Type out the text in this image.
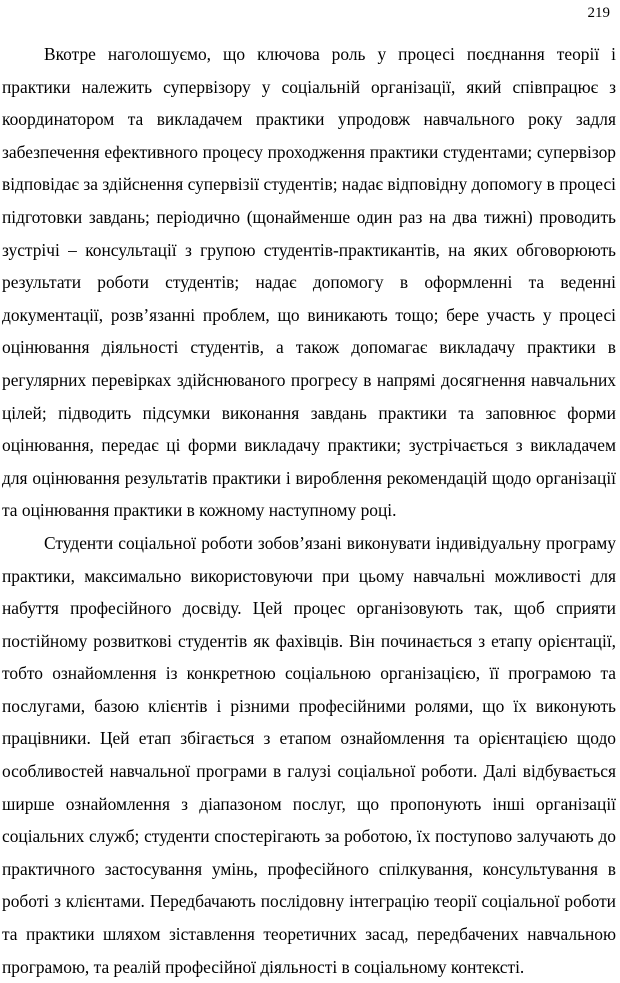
219

Вкотре наголошуємо, що ключова роль у процесі поєднання теорії і практики належить супервізору у соціальній організації, який співпрацює з координатором та викладачем практики упродовж навчального року задля забезпечення ефективного процесу проходження практики студентами; супервізор відповідає за здійснення супервізії студентів; надає відповідну допомогу в процесі підготовки завдань; періодично (щонайменше один раз на два тижні) проводить зустрічі – консультації з групою студентів-практикантів, на яких обговорюють результати роботи студентів; надає допомогу в оформленні та веденні документації, розв’язанні проблем, що виникають тощо; бере участь у процесі оцінювання діяльності студентів, а також допомагає викладачу практики в регулярних перевірках здійснюваного прогресу в напрямі досягнення навчальних цілей; підводить підсумки виконання завдань практики та заповнює форми оцінювання, передає ці форми викладачу практики; зустрічається з викладачем для оцінювання результатів практики і вироблення рекомендацій щодо організації та оцінювання практики в кожному наступному році.

Студенти соціальної роботи зобов’язані виконувати індивідуальну програму практики, максимально використовуючи при цьому навчальні можливості для набуття професійного досвіду. Цей процес організовують так, щоб сприяти постійному розвиткові студентів як фахівців. Він починається з етапу орієнтації, тобто ознайомлення із конкретною соціальною організацією, її програмою та послугами, базою клієнтів і різними професійними ролями, що їх виконують працівники. Цей етап збігається з етапом ознайомлення та орієнтацією щодо особливостей навчальної програми в галузі соціальної роботи. Далі відбувається ширше ознайомлення з діапазоном послуг, що пропонують інші організації соціальних служб; студенти спостерігають за роботою, їх поступово залучають до практичного застосування умінь, професійного спілкування, консультування в роботі з клієнтами. Передбачають послідовну інтеграцію теорії соціальної роботи та практики шляхом зіставлення теоретичних засад, передбачених навчальною програмою, та реалій професійної діяльності в соціальному контексті.
